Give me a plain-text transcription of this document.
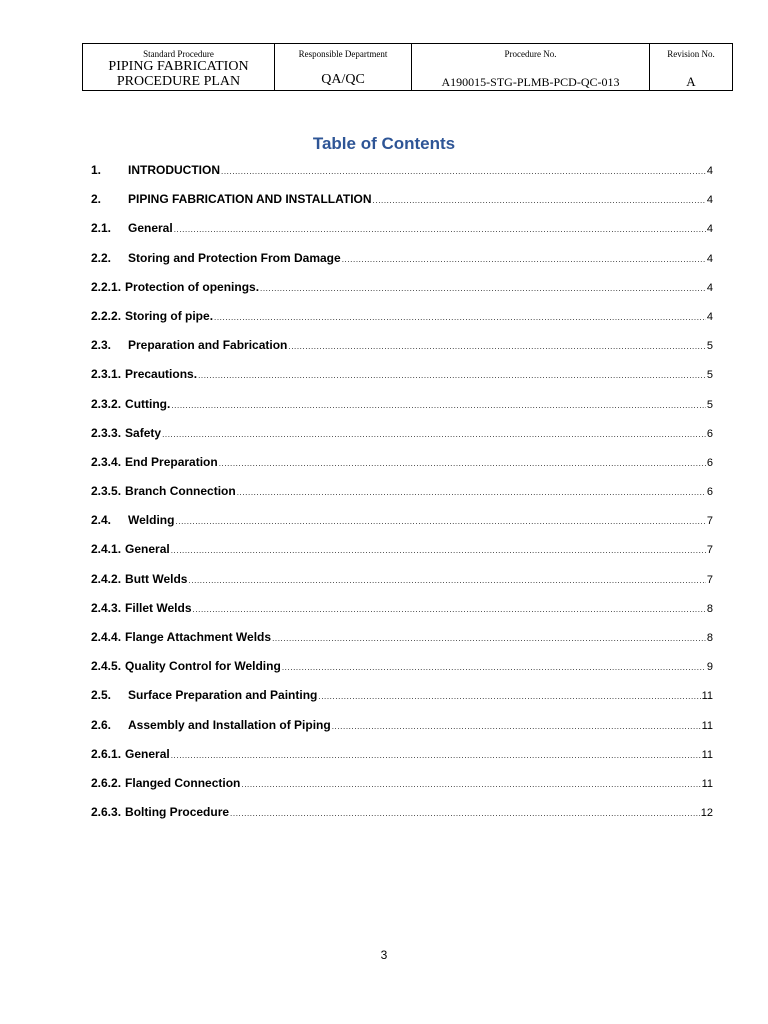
Standard Procedure
PIPING FABRICATION
PROCEDURE PLAN

Responsible Department
QA/QC

Procedure No.
A190015-STG-PLMB-PCD-QC-013

Revision No.
A
Table of Contents
1.	INTRODUCTION .....	4
2.	PIPING FABRICATION AND INSTALLATION .....	4
2.1.	General .....	4
2.2.	Storing and Protection From Damage .....	4
2.2.1. Protection of openings. .....	4
2.2.2. Storing of pipe. .....	4
2.3.	Preparation and Fabrication .....	5
2.3.1. Precautions. .....	5
2.3.2. Cutting. .....	5
2.3.3. Safety .....	6
2.3.4. End Preparation .....	6
2.3.5. Branch Connection .....	6
2.4.	Welding .....	7
2.4.1. General .....	7
2.4.2. Butt Welds .....	7
2.4.3. Fillet Welds .....	8
2.4.4. Flange Attachment Welds .....	8
2.4.5. Quality Control for Welding .....	9
2.5.	Surface Preparation and Painting .....	11
2.6.	Assembly and Installation of Piping .....	11
2.6.1. General .....	11
2.6.2. Flanged Connection .....	11
2.6.3. Bolting Procedure .....	12
3
